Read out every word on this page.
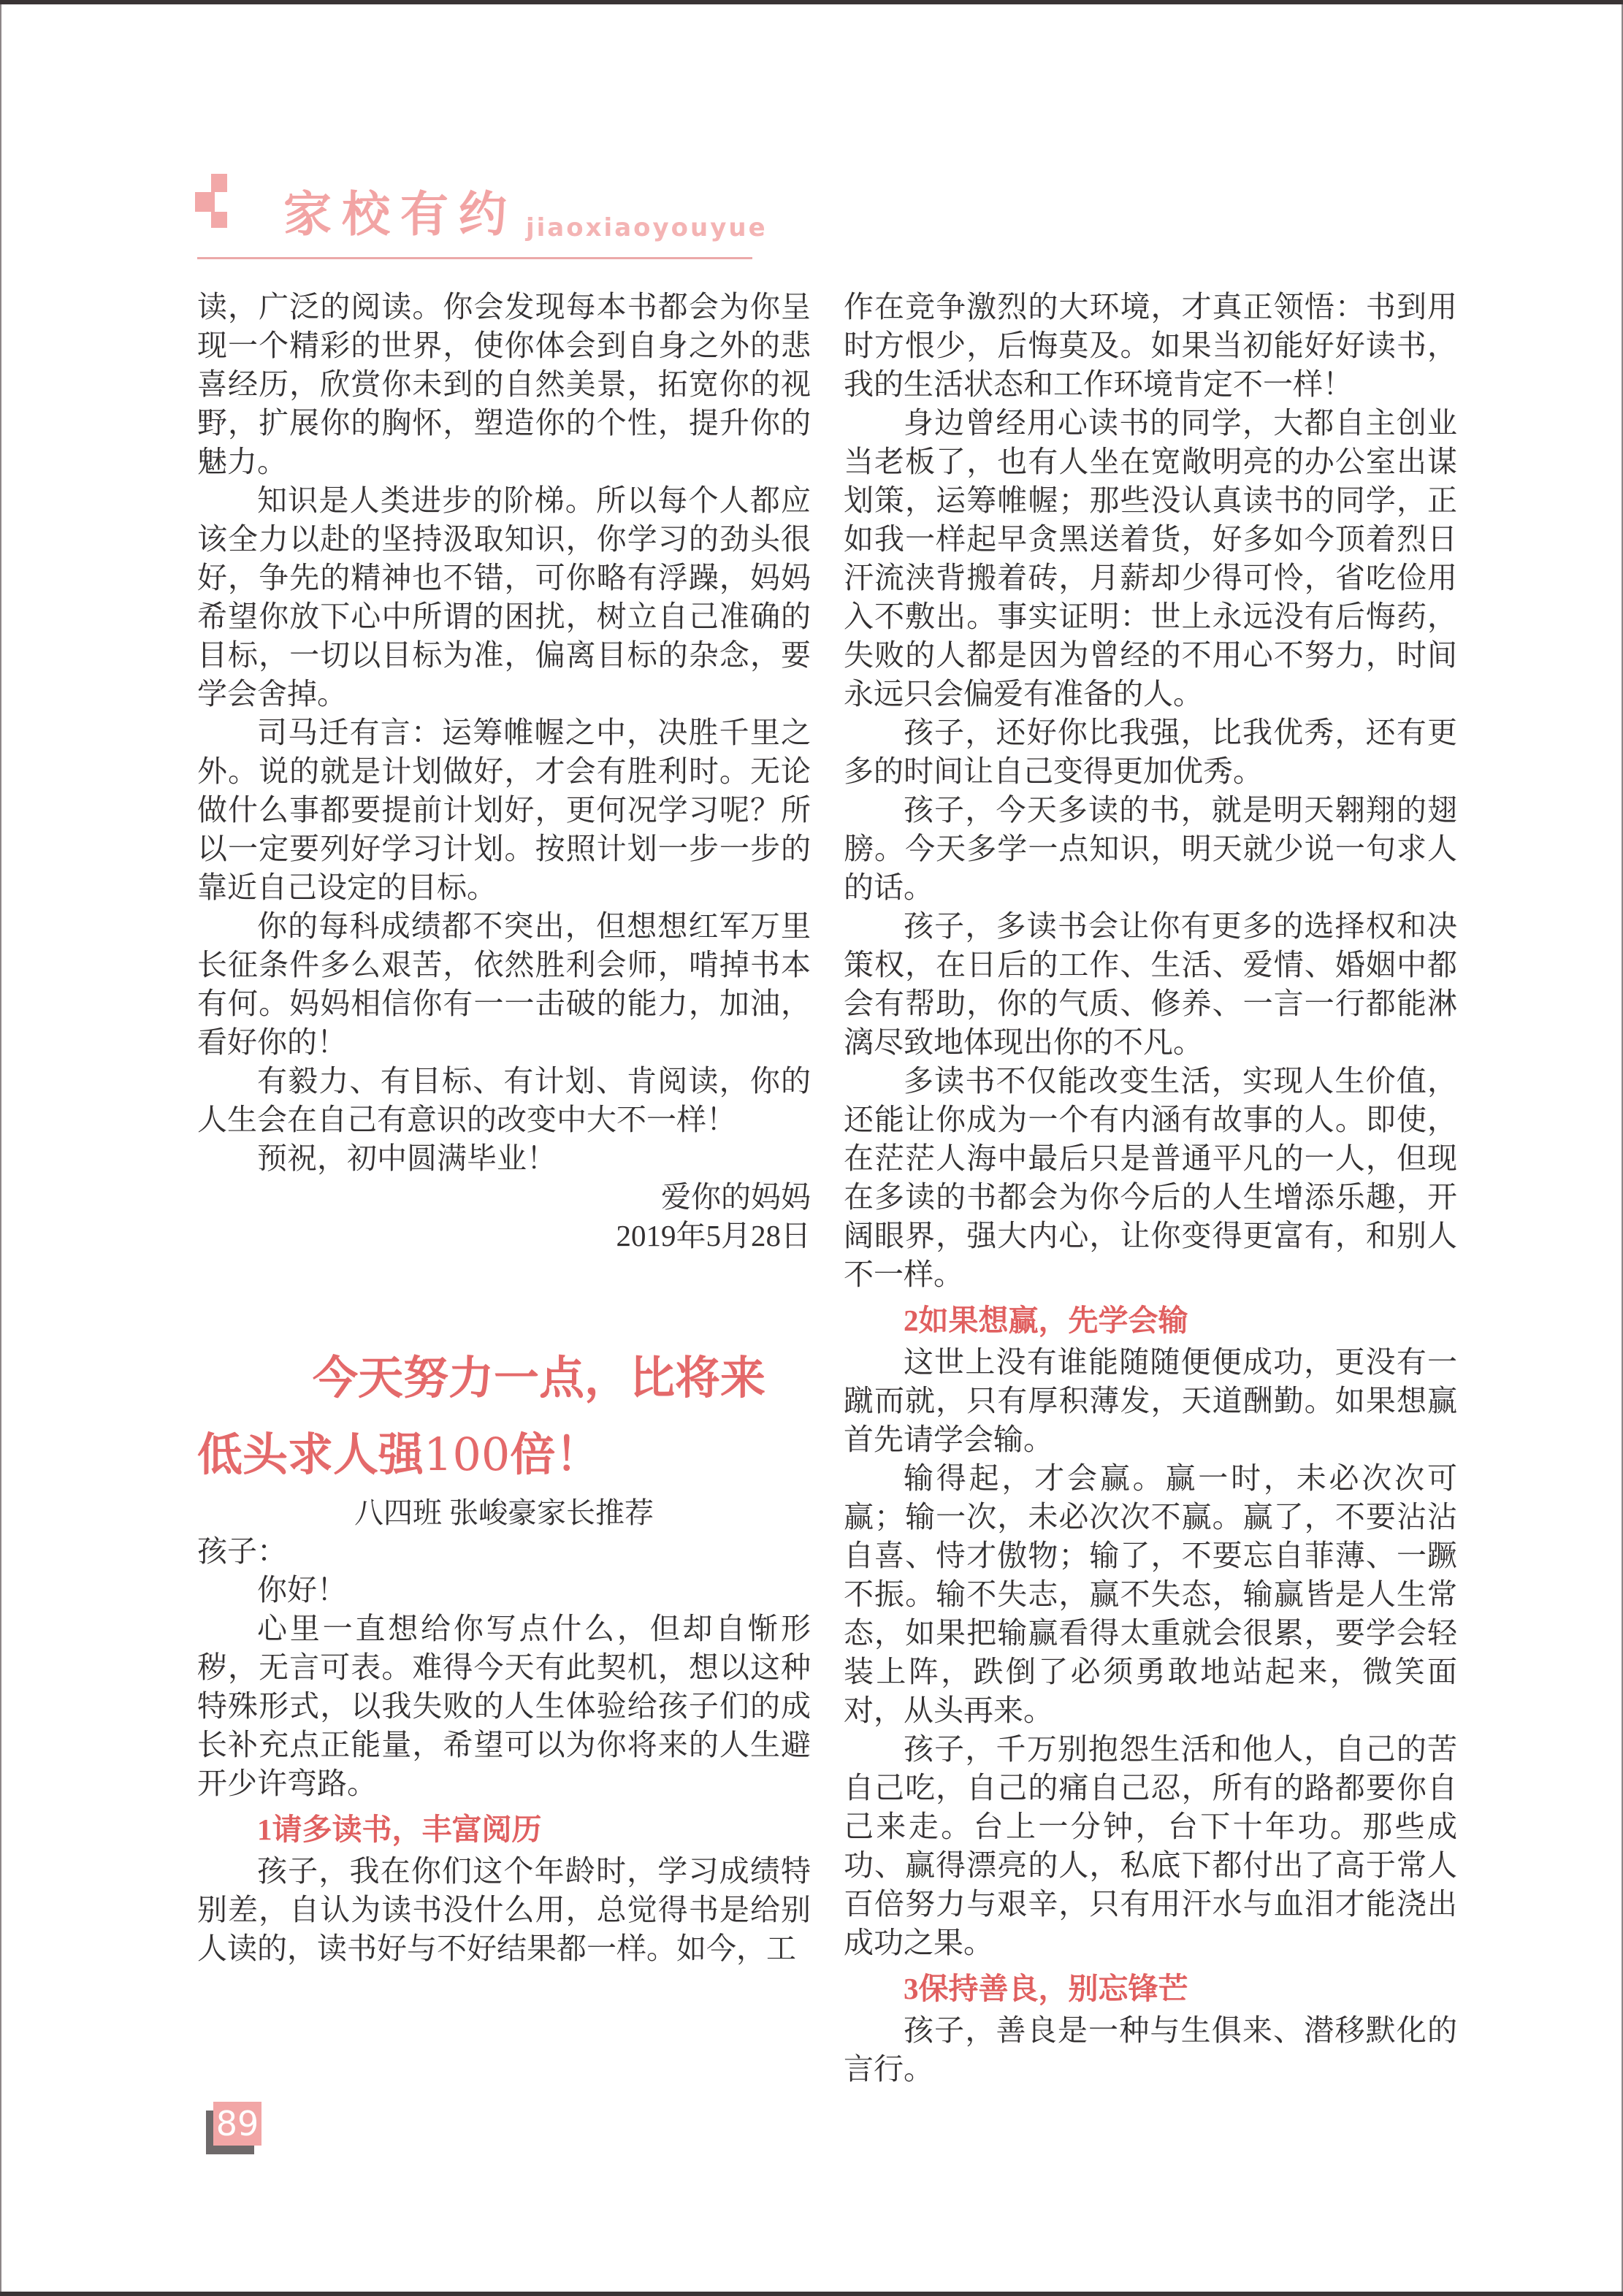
家校有约 jiaoxiaoyouyue

读，广泛的阅读。你会发现每本书都会为你呈现一个精彩的世界，使你体会到自身之外的悲喜经历，欣赏你未到的自然美景，拓宽你的视野，扩展你的胸怀，塑造你的个性，提升你的魅力。

知识是人类进步的阶梯。所以每个人都应该全力以赴的坚持汲取知识，你学习的劲头很好，争先的精神也不错，可你略有浮躁，妈妈希望你放下心中所谓的困扰，树立自己准确的目标，一切以目标为准，偏离目标的杂念，要学会舍掉。

司马迁有言：运筹帷幄之中，决胜千里之外。说的就是计划做好，才会有胜利时。无论做什么事都要提前计划好，更何况学习呢？所以一定要列好学习计划。按照计划一步一步的靠近自己设定的目标。

你的每科成绩都不突出，但想想红军万里长征条件多么艰苦，依然胜利会师，啃掉书本有何。妈妈相信你有一一击破的能力，加油，看好你的！

有毅力、有目标、有计划、肯阅读，你的人生会在自己有意识的改变中大不一样！

预祝，初中圆满毕业！

爱你的妈妈

2019年5月28日

今天努力一点，比将来
低头求人强100倍！

八四班 张峻豪家长推荐

孩子：

你好！

心里一直想给你写点什么，但却自惭形秽，无言可表。难得今天有此契机，想以这种特殊形式，以我失败的人生体验给孩子们的成长补充点正能量，希望可以为你将来的人生避开少许弯路。

1请多读书，丰富阅历

孩子，我在你们这个年龄时，学习成绩特别差，自认为读书没什么用，总觉得书是给别人读的，读书好与不好结果都一样。如今，工

作在竞争激烈的大环境，才真正领悟：书到用时方恨少，后悔莫及。如果当初能好好读书，我的生活状态和工作环境肯定不一样！

身边曾经用心读书的同学，大都自主创业当老板了，也有人坐在宽敞明亮的办公室出谋划策，运筹帷幄；那些没认真读书的同学，正如我一样起早贪黑送着货，好多如今顶着烈日汗流浃背搬着砖，月薪却少得可怜，省吃俭用入不敷出。事实证明：世上永远没有后悔药，失败的人都是因为曾经的不用心不努力，时间永远只会偏爱有准备的人。

孩子，还好你比我强，比我优秀，还有更多的时间让自己变得更加优秀。

孩子，今天多读的书，就是明天翱翔的翅膀。今天多学一点知识，明天就少说一句求人的话。

孩子，多读书会让你有更多的选择权和决策权，在日后的工作、生活、爱情、婚姻中都会有帮助，你的气质、修养、一言一行都能淋漓尽致地体现出你的不凡。

多读书不仅能改变生活，实现人生价值，还能让你成为一个有内涵有故事的人。即使，在茫茫人海中最后只是普通平凡的一人，但现在多读的书都会为你今后的人生增添乐趣，开阔眼界，强大内心，让你变得更富有，和别人不一样。

2如果想赢，先学会输

这世上没有谁能随随便便成功，更没有一蹴而就，只有厚积薄发，天道酬勤。如果想赢首先请学会输。

输得起，才会赢。赢一时，未必次次可赢；输一次，未必次次不赢。赢了，不要沾沾自喜、恃才傲物；输了，不要忘自菲薄、一蹶不振。输不失志，赢不失态，输赢皆是人生常态，如果把输赢看得太重就会很累，要学会轻装上阵，跌倒了必须勇敢地站起来，微笑面对，从头再来。

孩子，千万别抱怨生活和他人，自己的苦自己吃，自己的痛自己忍，所有的路都要你自己来走。台上一分钟，台下十年功。那些成功、赢得漂亮的人，私底下都付出了高于常人百倍努力与艰辛，只有用汗水与血泪才能浇出成功之果。

3保持善良，别忘锋芒

孩子，善良是一种与生俱来、潜移默化的言行。

89
